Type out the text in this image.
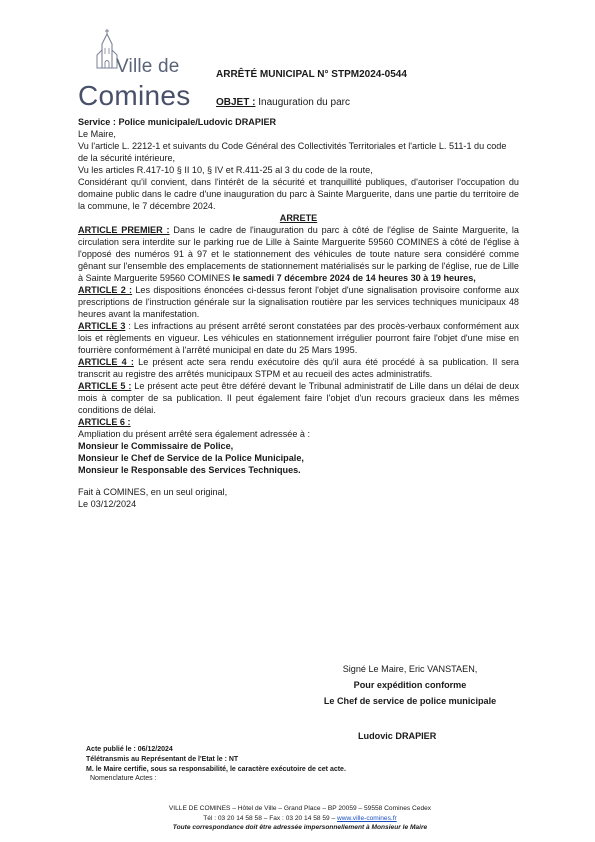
Ville de
Comines
ARRÊTÉ MUNICIPAL N° STPM2024-0544
OBJET : Inauguration du parc

Service : Police municipale/Ludovic DRAPIER

Le Maire,

Vu l'article L. 2212-1 et suivants du Code Général des Collectivités Territoriales et l'article L. 511-1 du code de la sécurité intérieure,

Vu les articles R.417-10 § II 10, § IV et R.411-25 al 3 du code de la route,

Considérant qu'il convient, dans l'intérêt de la sécurité et tranquillité publiques, d'autoriser l'occupation du domaine public dans le cadre d'une inauguration du parc à Sainte Marguerite, dans une partie du territoire de la commune, le 7 décembre 2024.

ARRETE

ARTICLE PREMIER : Dans le cadre de l'inauguration du parc à côté de l'église de Sainte Marguerite, la circulation sera interdite sur le parking rue de Lille à Sainte Marguerite 59560 COMINES à côté de l'église à l'opposé des numéros 91 à 97 et le stationnement des véhicules de toute nature sera considéré comme gênant sur l'ensemble des emplacements de stationnement matérialisés sur le parking de l'église, rue de Lille à Sainte Marguerite 59560 COMINES le samedi 7 décembre 2024 de 14 heures 30 à 19 heures,

ARTICLE 2 : Les dispositions énoncées ci-dessus feront l'objet d'une signalisation provisoire conforme aux prescriptions de l'instruction générale sur la signalisation routière par les services techniques municipaux 48 heures avant la manifestation.

ARTICLE 3 : Les infractions au présent arrêté seront constatées par des procès-verbaux conformément aux lois et règlements en vigueur. Les véhicules en stationnement irrégulier pourront faire l'objet d'une mise en fourrière conformément à l'arrêté municipal en date du 25 Mars 1995.

ARTICLE 4 : Le présent acte sera rendu exécutoire dès qu'il aura été procédé à sa publication. Il sera transcrit au registre des arrêtés municipaux STPM et au recueil des actes administratifs.

ARTICLE 5 : Le présent acte peut être déféré devant le Tribunal administratif de Lille dans un délai de deux mois à compter de sa publication. Il peut également faire l'objet d'un recours gracieux dans les mêmes conditions de délai.

ARTICLE 6 :

Ampliation du présent arrêté sera également adressée à :

Monsieur le Commissaire de Police,

Monsieur le Chef de Service de la Police Municipale,

Monsieur le Responsable des Services Techniques.

Fait à COMINES, en un seul original,

Le 03/12/2024

Signé Le Maire, Eric VANSTAEN,

Pour expédition conforme

Le Chef de service de police municipale

Ludovic DRAPIER
Acte publié le : 06/12/2024
Télétransmis au Représentant de l'Etat le : NT
M. le Maire certifie, sous sa responsabilité, le caractère exécutoire de cet acte.
Nomenclature Actes :
VILLE DE COMINES – Hôtel de Ville – Grand Place – BP 20059 – 59558 Comines Cedex
Tél : 03 20 14 58 58 – Fax : 03 20 14 58 59 – www.ville-comines.fr
Toute correspondance doit être adressée impersonnellement à Monsieur le Maire
